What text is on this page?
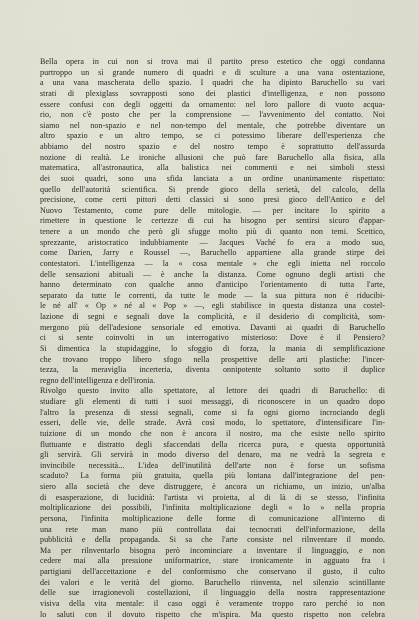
Bella opera in cui non si trova mai il partito preso estetico che oggi condanna
purtroppo un sì grande numero di quadri e di sculture a una vana ostentazione,
a una vana mascherata dello spazio. I quadri che ha dipinto Baruchello su vari
strati di plexiglass sovrapposti sono dei plastici d'intelligenza, e non possono
essere confusi con degli oggetti da ornamento: nel loro pallore di vuoto acqua-
rio, non c'è posto che per la comprensione — l'avvenimento del contatto. Noi
siamo nel non-spazio e nel non-tempo del mentale, che potrebbe diventare un
altro spazio e un altro tempo, se ci potessimo liberare dell'esperienza che
abbiamo del nostro spazio e del nostro tempo è soprattutto dell'assurda
nozione di realtà. Le ironiche allusioni che può fare Baruchello alla fisica, alla
matematica, all'astronautica, alla balistica nei commenti e nei simboli stessi
dei suoi quadri, sono una sfida lanciata a un ordine unanimamente rispettato:
quello dell'autorità scientifica. Si prende gioco della serietà, del calcolo, della
precisione, come certi pittori detti classici si sono presi gioco dell'Antico e del
Nuovo Testamento, come pure delle mitologie. — per incitare lo spirito a
rimettere in questione le certezze di cui ha bisogno per sentirsi sicuro d'appar-
tenere a un mondo che però gli sfugge molto più di quanto non temi. Scettico,
sprezzante, aristocratico indubbiamente — Jacques Vaché fo era a modo suo,
come Darien, Jarry e Roussel —, Baruchello appartiene alla grande stirpe dei
contestatori. L'intelligenza — la « cosa mentale » che egli inietta nel roccolo
delle sensazioni abituali — è anche la distanza. Come ognuno degli artisti che
hanno determinato con qualche anno d'anticipo l'orientamento di tutta l'arte,
separato da tutte le correnti, da tutte le mode — la sua pittura non è riducibi-
le né all' « Op » né al « Pop » —, egli stabilisce in questa distanza una costel-
lazione di segni e segnali dove la complicità, e il desiderio di complicità, som-
mergono più dell'adesione sensoriale ed emotiva. Davanti ai quadri di Baruchello
ci si sente coinvolti in un interrogativo misterioso: Dove è il Pensiero?
Si dimentica la stupidaggine, lo sfoggio di forza, la mania di semplificazione
che trovano troppo libero sfogo nella prospettive delle arti plastiche: l'incer-
tezza, la meraviglia incerteria, diventa onnipotente soltanto sotto il duplice
regno dell'intelligenza e dell'ironia.
Rivolgo questo invito allo spettatore, al lettore dei quadri di Baruchello: di
studiare gli elementi di tutti i suoi messaggi, di riconoscere in un quadro dopo
l'altro la presenza di stessi segnali, come si fa ogni giorno incrociando degli
esseri, delle vie, delle strade. Avrà così modo, lo spettatore, d'intensificare l'in-
tuizione di un mondo che non è ancora il nostro, ma che esiste nello spirito
fluttuante e distratto degli sfaccendati della ricerca pura, e questa opportunità
gli servirà. Gli servirà in modo diverso del denaro, ma ne vedrà la segreta e
invincibile necessità... L'idea dell'inutilità dell'arte non è forse un sofisma
scaduto? La forma più gratuita, quella più lontana dall'integrazione del pen-
siero alla società che deve distruggere, è ancora un richiamo, un inizio, un'alba
di esasperazione, di lucidità: l'artista vi proietta, al di là di se stesso, l'infinita
moltiplicazione dei possibili, l'infinita moltiplicazione degli « Io » nella propria
persona, l'infinita moltiplicazione delle forme di comunicazione all'interno di
una rete man mano più controllata dai tecnocrati dell'informazione, della
pubblicità e della propaganda. Si sa che l'arte consiste nel rilnventare il mondo.
Ma per rilnventarlo bisogna però incominciare a inventare il linguaggio, e non
cedere mai alla pressione uniformatrice, stare ironicamente in agguato fra i
partigiani dell'accettazione e del conformismo che conservano il gusto, il culto
dei valori e le verità del giorno. Baruchello riinventa, nel silenzio scintillante
delle sue irragionevoli costellazioni, il linguaggio della nostra rappresentazione
visiva della vita mentale: il caso oggi è veramente troppo raro perché io non
lo saluti con il dovuto rispetto che m'ispira. Ma questo rispetto non celebra
